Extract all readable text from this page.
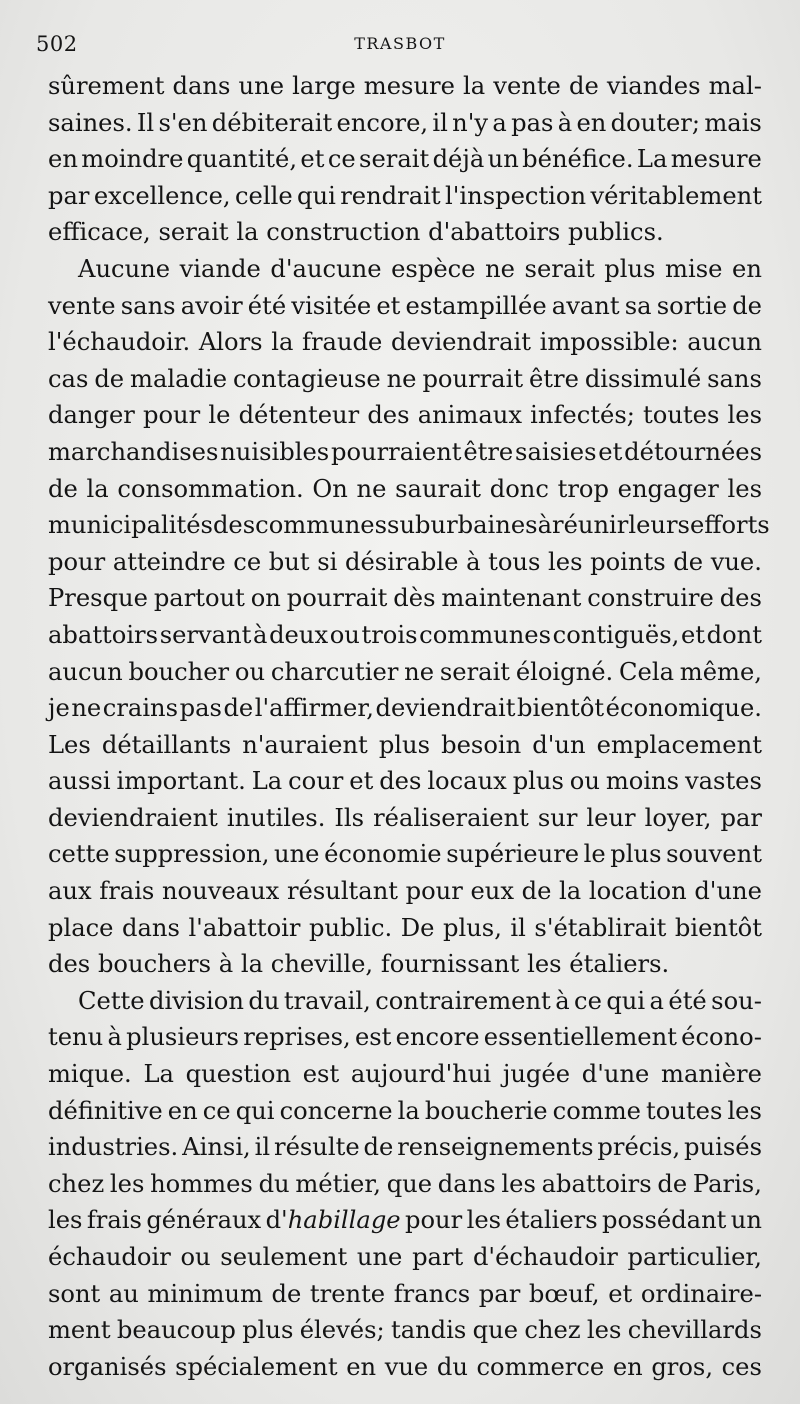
502	TRASBOT
sûrement dans une large mesure la vente de viandes mal-
saines. Il s'en débiterait encore, il n'y a pas à en douter; mais
en moindre quantité, et ce serait déjà un bénéfice. La mesure
par excellence, celle qui rendrait l'inspection véritablement
efficace, serait la construction d'abattoirs publics.
Aucune viande d'aucune espèce ne serait plus mise en
vente sans avoir été visitée et estampillée avant sa sortie de
l'échaudoir. Alors la fraude deviendrait impossible: aucun
cas de maladie contagieuse ne pourrait être dissimulé sans
danger pour le détenteur des animaux infectés; toutes les
marchandises nuisibles pourraient être saisies et détournées
de la consommation. On ne saurait donc trop engager les
municipalités des communes suburbaines à réunir leurs efforts
pour atteindre ce but si désirable à tous les points de vue.
Presque partout on pourrait dès maintenant construire des
abattoirs servant à deux ou trois communes contiguës, et dont
aucun boucher ou charcutier ne serait éloigné. Cela même,
je ne crains pas de l'affirmer, deviendrait bientôt économique.
Les détaillants n'auraient plus besoin d'un emplacement
aussi important. La cour et des locaux plus ou moins vastes
deviendraient inutiles. Ils réaliseraient sur leur loyer, par
cette suppression, une économie supérieure le plus souvent
aux frais nouveaux résultant pour eux de la location d'une
place dans l'abattoir public. De plus, il s'établirait bientôt
des bouchers à la cheville, fournissant les étaliers.
Cette division du travail, contrairement à ce qui a été sou-
tenu à plusieurs reprises, est encore essentiellement écono-
mique. La question est aujourd'hui jugée d'une manière
définitive en ce qui concerne la boucherie comme toutes les
industries. Ainsi, il résulte de renseignements précis, puisés
chez les hommes du métier, que dans les abattoirs de Paris,
les frais généraux d'habillage pour les étaliers possédant un
échaudoir ou seulement une part d'échaudoir particulier,
sont au minimum de trente francs par bœuf, et ordinaire-
ment beaucoup plus élevés; tandis que chez les chevillards
organisés spécialement en vue du commerce en gros, ces
